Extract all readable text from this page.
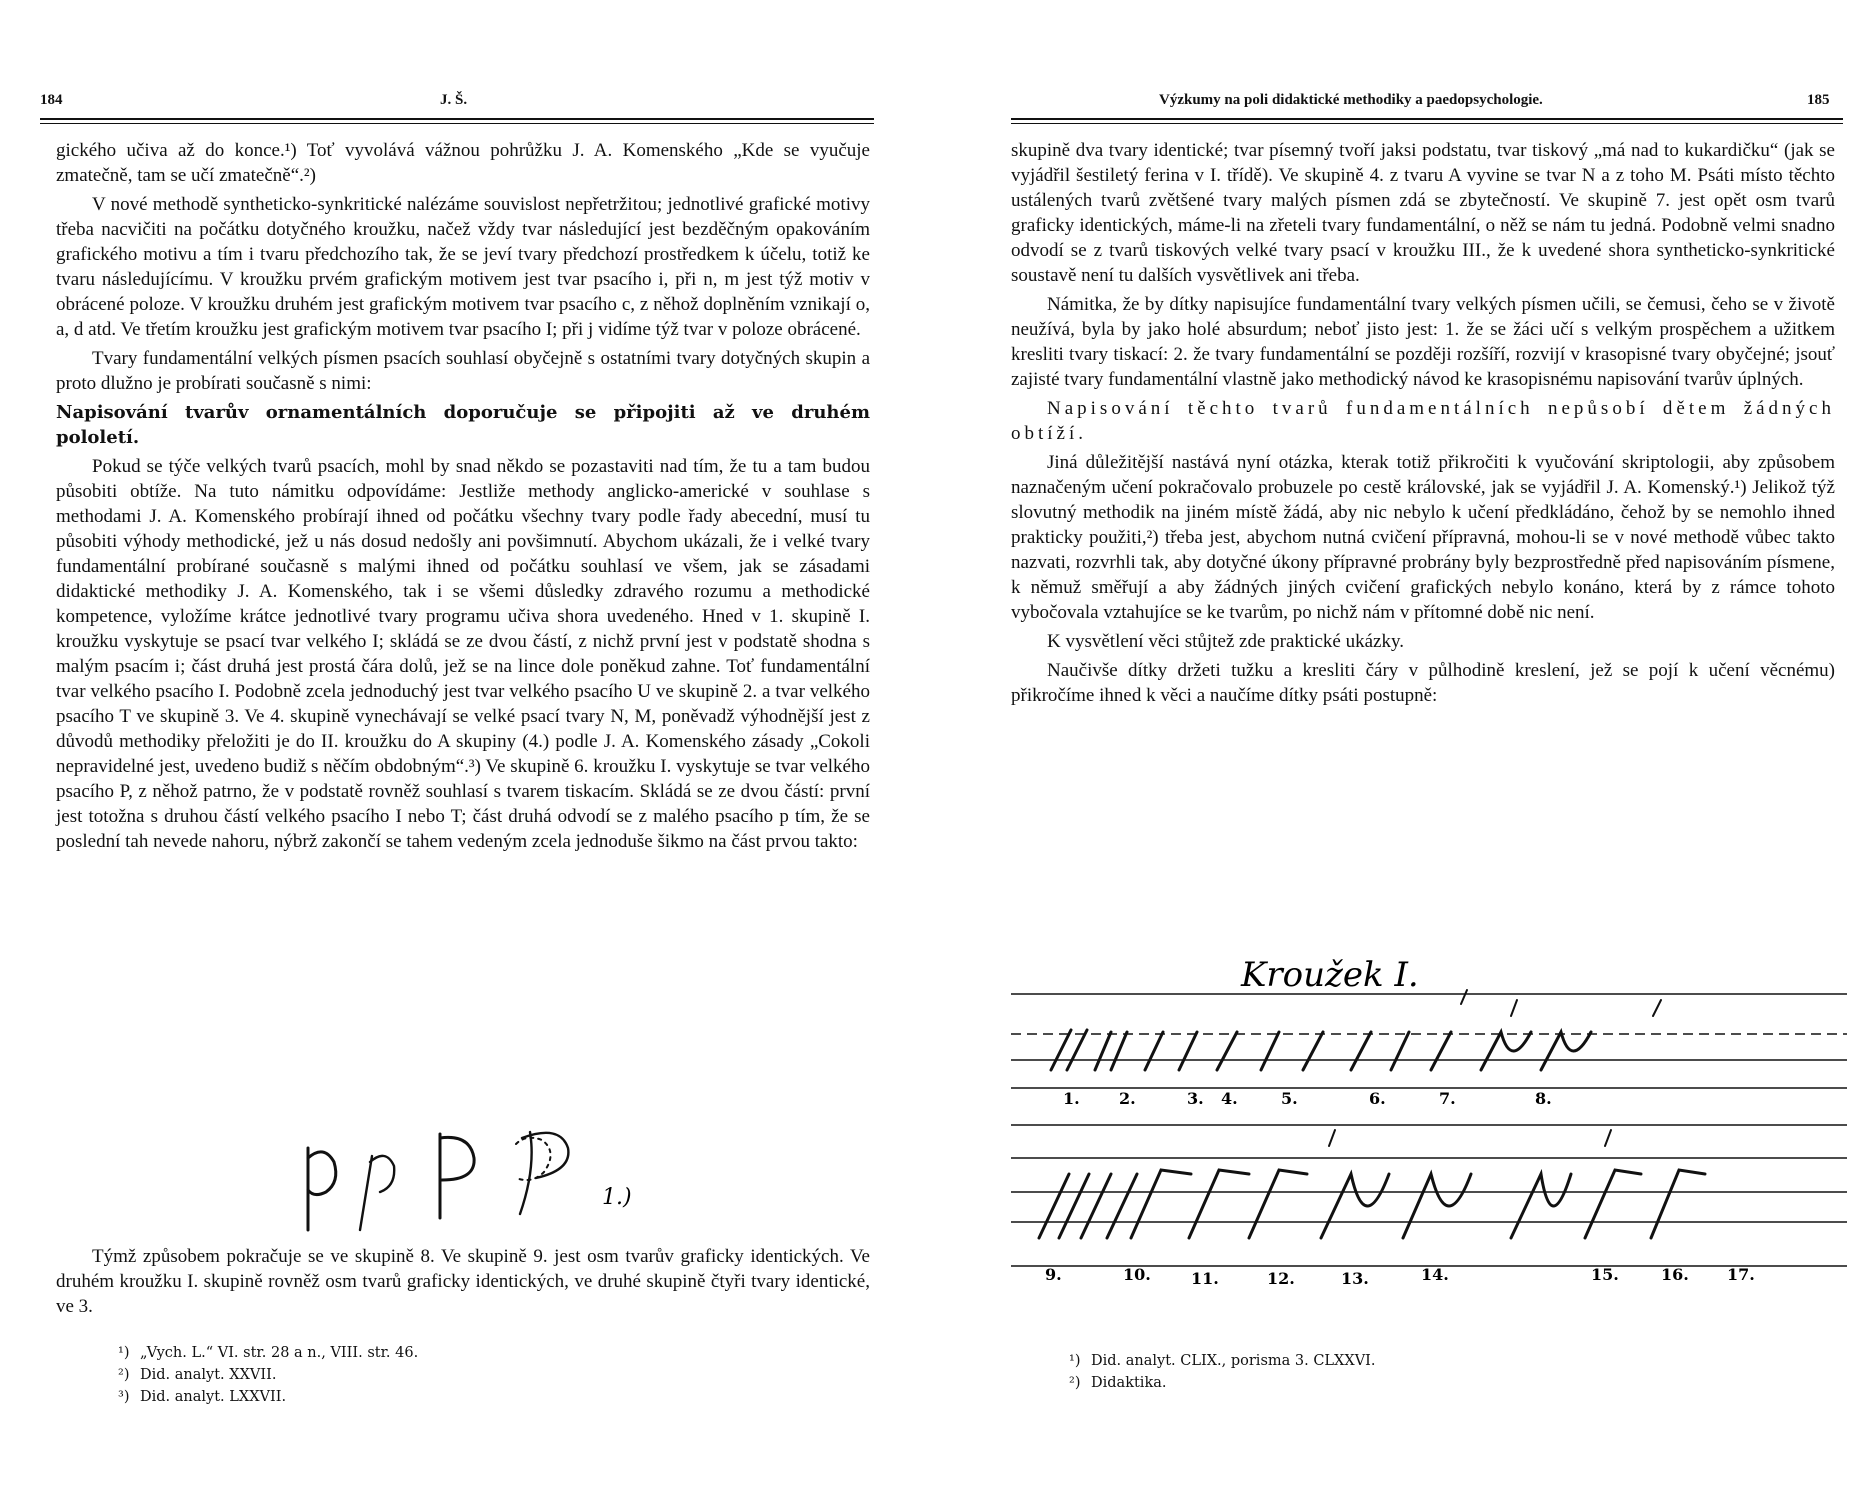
184	J. Š.

gického učiva až do konce.¹) Toť vyvolává vážnou pohrůžku J. A. Komenského „Kde se vyučuje zmatečně, tam se učí zmatečně“.²)

V nové methodě syntheticko-synkritické nalézáme souvislost nepřetržitou; jednotlivé grafické motivy třeba nacvičiti na počátku dotyčného kroužku, načež vždy tvar následující jest bezděčným opakováním grafického motivu a tím i tvaru předchozího tak, že se jeví tvary předchozí prostředkem k účelu, totiž ke tvaru následujícímu. V kroužku prvém grafickým motivem jest tvar psacího i, při n, m jest týž motiv v obrácené poloze. V kroužku druhém jest grafickým motivem tvar psacího c, z něhož doplněním vznikají o, a, d atd. Ve třetím kroužku jest grafickým motivem tvar psacího I; při j vidíme týž tvar v poloze obrácené.

Tvary fundamentální velkých písmen psacích souhlasí obyčejně s ostatními tvary dotyčných skupin a proto dlužno je probírati současně s nimi:

Napisování tvarův ornamentálních doporučuje se připojiti až ve druhém pololetí.

Pokud se týče velkých tvarů psacích, mohl by snad někdo se pozastaviti nad tím, že tu a tam budou působiti obtíže. Na tuto námitku odpovídáme: Jestliže methody anglicko-americké v souhlase s methodami J. A. Komenského probírají ihned od počátku všechny tvary podle řady abecední, musí tu působiti výhody methodické, jež u nás dosud nedošly ani povšimnutí. Abychom ukázali, že i velké tvary fundamentální probírané současně s malými ihned od počátku souhlasí ve všem, jak se zásadami didaktické methodiky J. A. Komenského, tak i se všemi důsledky zdravého rozumu a methodické kompetence, vyložíme krátce jednotlivé tvary programu učiva shora uvedeného. Hned v 1. skupině I. kroužku vyskytuje se psací tvar velkého I; skládá se ze dvou částí, z nichž první jest v podstatě shodna s malým psacím i; část druhá jest prostá čára dolů, jež se na lince dole poněkud zahne. Toť fundamentální tvar velkého psacího I. Podobně zcela jednoduchý jest tvar velkého psacího U ve skupině 2. a tvar velkého psacího T ve skupině 3. Ve 4. skupině vynechávají se velké psací tvary N, M, poněvadž výhodnější jest z důvodů methodiky přeložiti je do II. kroužku do A skupiny (4.) podle J. A. Komenského zásady „Cokoli nepravidelné jest, uvedeno budiž s něčím obdobným“.³) Ve skupině 6. kroužku I. vyskytuje se tvar velkého psacího P, z něhož patrno, že v podstatě rovněž souhlasí s tvarem tiskacím. Skládá se ze dvou částí: první jest totožna s druhou částí velkého psacího I nebo T; část druhá odvodí se z malého psacího p tím, že se poslední tah nevede nahoru, nýbrž zakončí se tahem vedeným zcela jednoduše šikmo na část prvou takto:

1.)

Týmž způsobem pokračuje se ve skupině 8. Ve skupině 9. jest osm tvarův graficky identických. Ve druhém kroužku I. skupině rovněž osm tvarů graficky identických, ve druhé skupině čtyři tvary identické, ve 3.

¹) „Vych. L.“ VI. str. 28 a n., VIII. str. 46.
²) Did. analyt. XXVII.
³) Did. analyt. LXXVII.
Výzkumy na poli didaktické methodiky a paedopsychologie.	185

skupině dva tvary identické; tvar písemný tvoří jaksi podstatu, tvar tiskový „má nad to kukardičku“ (jak se vyjádřil šestiletý ferina v I. třídě). Ve skupině 4. z tvaru A vyvine se tvar N a z toho M. Psáti místo těchto ustálených tvarů zvětšené tvary malých písmen zdá se zbytečností. Ve skupině 7. jest opět osm tvarů graficky identických, máme-li na zřeteli tvary fundamentální, o něž se nám tu jedná. Podobně velmi snadno odvodí se z tvarů tiskových velké tvary psací v kroužku III., že k uvedené shora syntheticko-synkritické soustavě není tu dalších vysvětlivek ani třeba.

Námitka, že by dítky napisujíce fundamentální tvary velkých písmen učili, se čemusi, čeho se v životě neužívá, byla by jako holé absurdum; neboť jisto jest: 1. že se žáci učí s velkým prospěchem a užitkem kresliti tvary tiskací: 2. že tvary fundamentální se později rozšíří, rozvijí v krasopisné tvary obyčejné; jsouť zajisté tvary fundamentální vlastně jako methodický návod ke krasopisnému napisování tvarův úplných.

Napisování těchto tvarů fundamentálních nepůsobí dětem žádných obtíží.

Jiná důležitější nastává nyní otázka, kterak totiž přikročiti k vyučování skriptologii, aby způsobem naznačeným učení pokračovalo probuzele po cestě královské, jak se vyjádřil J. A. Komenský.¹) Jelikož týž slovutný methodik na jiném místě žádá, aby nic nebylo k učení předkládáno, čehož by se nemohlo ihned prakticky použiti,²) třeba jest, abychom nutná cvičení přípravná, mohou-li se v nové methodě vůbec takto nazvati, rozvrhli tak, aby dotyčné úkony přípravné probrány byly bezprostředně před napisováním písmene, k němuž směřují a aby žádných jiných cvičení grafických nebylo konáno, která by z rámce tohoto vybočovala vztahujíce se ke tvarům, po nichž nám v přítomné době nic není.

K vysvětlení věci stůjtež zde praktické ukázky.

Naučivše dítky držeti tužku a kresliti čáry v půlhodině kreslení, jež se pojí k učení věcnému) přikročíme ihned k věci a naučíme dítky psáti postupně:

Kroužek I.
1. 2.	3. 4.	5.	6.	7.	8.
9.	10.	11.	12.	13.	14.	15.	16. 17.
¹) Did. analyt. CLIX., porisma 3. CLXXVI.
²) Didaktika.
